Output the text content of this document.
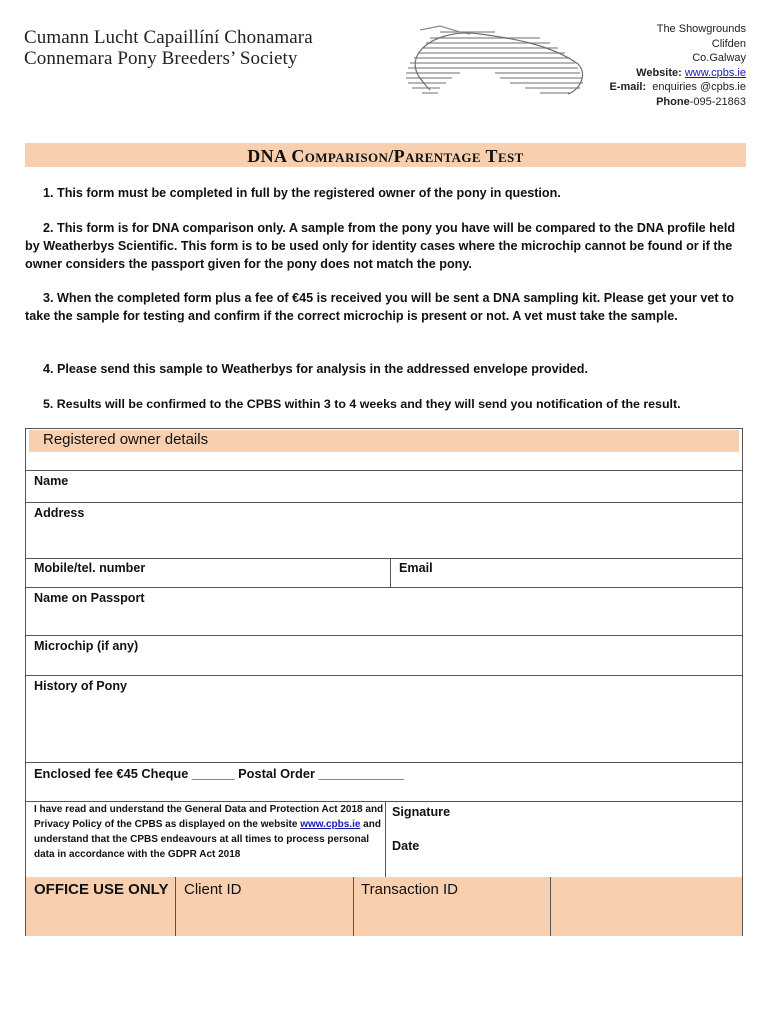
Cumann Lucht Capaillíní Chonamara
Connemara Pony Breeders’ Society
The Showgrounds
Clifden
Co.Galway
Website: www.cpbs.ie
E-mail: enquiries @cpbs.ie
Phone-095-21863
DNA Comparison/Parentage Test
1. This form must be completed in full by the registered owner of the pony in question.
2. This form is for DNA comparison only. A sample from the pony you have will be compared to the DNA profile held by Weatherbys Scientific. This form is to be used only for identity cases where the microchip cannot be found or if the owner considers the passport given for the pony does not match the pony.
3. When the completed form plus a fee of €45 is received you will be sent a DNA sampling kit. Please get your vet to take the sample for testing and confirm if the correct microchip is present or not. A vet must take the sample.
4. Please send this sample to Weatherbys for analysis in the addressed envelope provided.
5. Results will be confirmed to the CPBS within 3 to 4 weeks and they will send you notification of the result.
Registered owner details
Name
Address
Mobile/tel. number	Email
Name on Passport
Microchip (if any)
History of Pony
Enclosed fee €45 Cheque ______ Postal Order ____________
I have read and understand the General Data and Protection Act 2018 and Privacy Policy of the CPBS as displayed on the website www.cpbs.ie and understand that the CPBS endeavours at all times to process personal data in accordance with the GDPR Act 2018
Signature
Date
OFFICE USE ONLY Client ID	Transaction ID
